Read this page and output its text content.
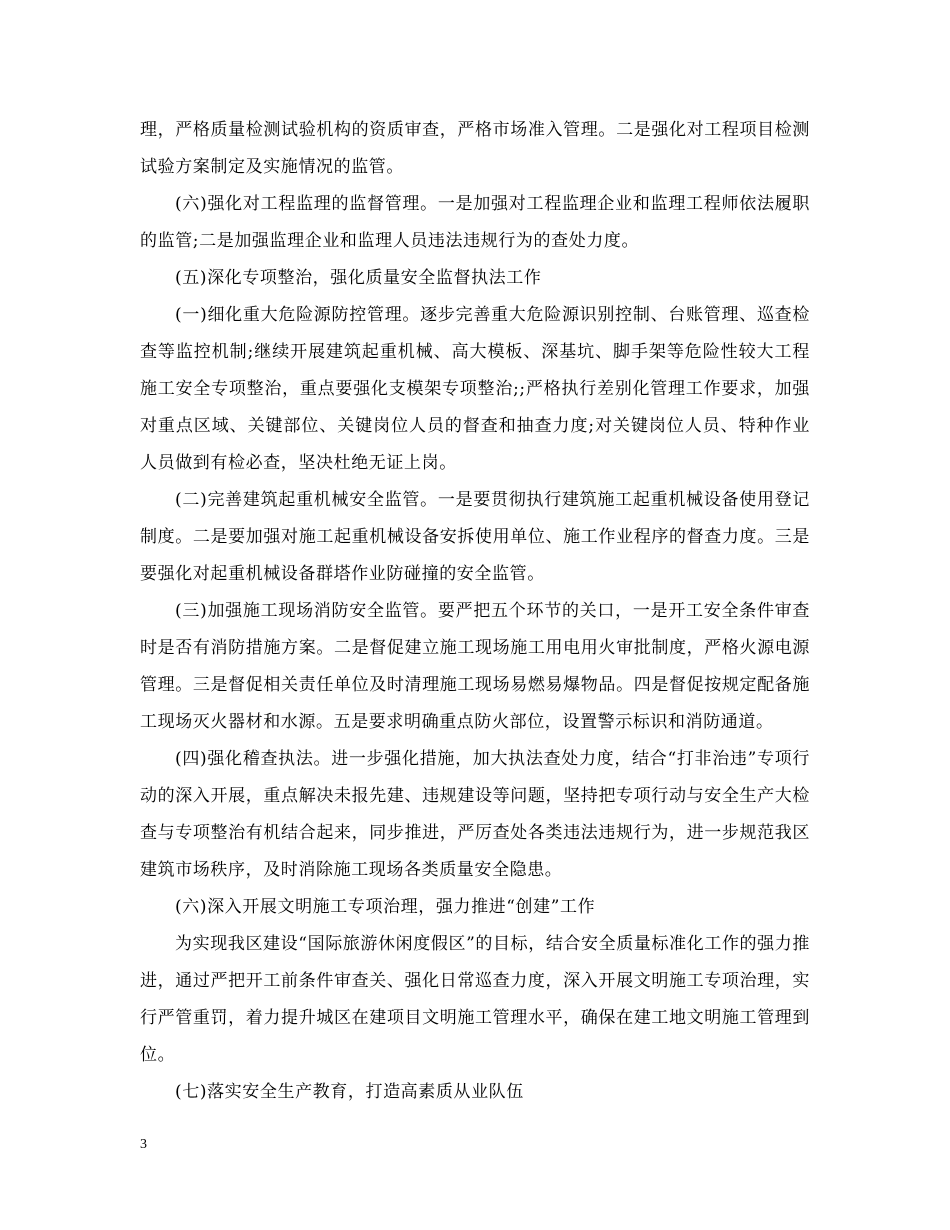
理，严格质量检测试验机构的资质审查，严格市场准入管理。二是强化对工程项目检测试验方案制定及实施情况的监管。

(六)强化对工程监理的监督管理。一是加强对工程监理企业和监理工程师依法履职的监管;二是加强监理企业和监理人员违法违规行为的查处力度。

(五)深化专项整治，强化质量安全监督执法工作

(一)细化重大危险源防控管理。逐步完善重大危险源识别控制、台账管理、巡查检查等监控机制;继续开展建筑起重机械、高大模板、深基坑、脚手架等危险性较大工程施工安全专项整治，重点要强化支模架专项整治;;严格执行差别化管理工作要求，加强对重点区域、关键部位、关键岗位人员的督查和抽查力度;对关键岗位人员、特种作业人员做到有检必查，坚决杜绝无证上岗。

(二)完善建筑起重机械安全监管。一是要贯彻执行建筑施工起重机械设备使用登记制度。二是要加强对施工起重机械设备安拆使用单位、施工作业程序的督查力度。三是要强化对起重机械设备群塔作业防碰撞的安全监管。

(三)加强施工现场消防安全监管。要严把五个环节的关口，一是开工安全条件审查时是否有消防措施方案。二是督促建立施工现场施工用电用火审批制度，严格火源电源管理。三是督促相关责任单位及时清理施工现场易燃易爆物品。四是督促按规定配备施工现场灭火器材和水源。五是要求明确重点防火部位，设置警示标识和消防通道。

(四)强化稽查执法。进一步强化措施，加大执法查处力度，结合“打非治违”专项行动的深入开展，重点解决未报先建、违规建设等问题，坚持把专项行动与安全生产大检查与专项整治有机结合起来，同步推进，严厉查处各类违法违规行为，进一步规范我区建筑市场秩序，及时消除施工现场各类质量安全隐患。

(六)深入开展文明施工专项治理，强力推进“创建”工作

为实现我区建设“国际旅游休闲度假区”的目标，结合安全质量标准化工作的强力推进，通过严把开工前条件审查关、强化日常巡查力度，深入开展文明施工专项治理，实行严管重罚，着力提升城区在建项目文明施工管理水平，确保在建工地文明施工管理到位。

(七)落实安全生产教育，打造高素质从业队伍

3
